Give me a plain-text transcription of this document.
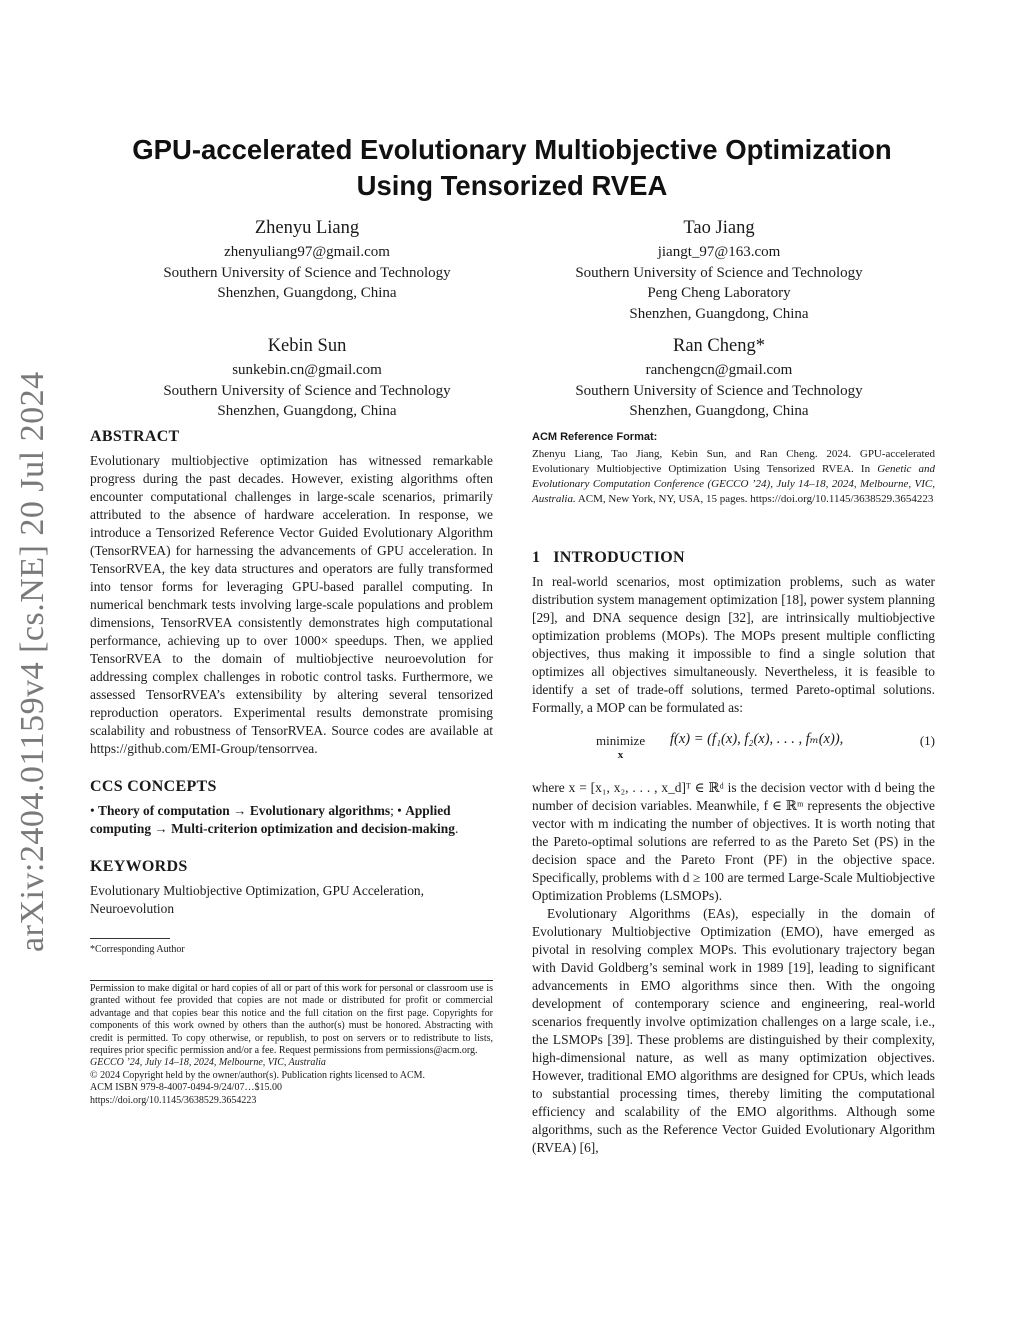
arXiv:2404.01159v4 [cs.NE] 20 Jul 2024
GPU-accelerated Evolutionary Multiobjective Optimization
Using Tensorized RVEA
Zhenyu Liang
zhenyuliang97@gmail.com
Southern University of Science and Technology
Shenzhen, Guangdong, China
Tao Jiang
jiangt_97@163.com
Southern University of Science and Technology
Peng Cheng Laboratory
Shenzhen, Guangdong, China
Kebin Sun
sunkebin.cn@gmail.com
Southern University of Science and Technology
Shenzhen, Guangdong, China
Ran Cheng*
ranchengcn@gmail.com
Southern University of Science and Technology
Shenzhen, Guangdong, China
ABSTRACT

Evolutionary multiobjective optimization has witnessed remarkable progress during the past decades. However, existing algorithms often encounter computational challenges in large-scale scenarios, primarily attributed to the absence of hardware acceleration. In response, we introduce a Tensorized Reference Vector Guided Evolutionary Algorithm (TensorRVEA) for harnessing the advancements of GPU acceleration. In TensorRVEA, the key data structures and operators are fully transformed into tensor forms for leveraging GPU-based parallel computing. In numerical benchmark tests involving large-scale populations and problem dimensions, TensorRVEA consistently demonstrates high computational performance, achieving up to over 1000× speedups. Then, we applied TensorRVEA to the domain of multiobjective neuroevolution for addressing complex challenges in robotic control tasks. Furthermore, we assessed TensorRVEA’s extensibility by altering several tensorized reproduction operators. Experimental results demonstrate promising scalability and robustness of TensorRVEA. Source codes are available at https://github.com/EMI-Group/tensorrvea.

CCS CONCEPTS

• Theory of computation → Evolutionary algorithms; • Applied computing → Multi-criterion optimization and decision-making.

KEYWORDS

Evolutionary Multiobjective Optimization, GPU Acceleration, Neuroevolution

*Corresponding Author

Permission to make digital or hard copies of all or part of this work for personal or classroom use is granted without fee provided that copies are not made or distributed for profit or commercial advantage and that copies bear this notice and the full citation on the first page. Copyrights for components of this work owned by others than the author(s) must be honored. Abstracting with credit is permitted. To copy otherwise, or republish, to post on servers or to redistribute to lists, requires prior specific permission and/or a fee. Request permissions from permissions@acm.org.
GECCO ’24, July 14–18, 2024, Melbourne, VIC, Australia
© 2024 Copyright held by the owner/author(s). Publication rights licensed to ACM.
ACM ISBN 979-8-4007-0494-9/24/07…$15.00
https://doi.org/10.1145/3638529.3654223

ACM Reference Format:

Zhenyu Liang, Tao Jiang, Kebin Sun, and Ran Cheng. 2024. GPU-accelerated Evolutionary Multiobjective Optimization Using Tensorized RVEA. In Genetic and Evolutionary Computation Conference (GECCO ’24), July 14–18, 2024, Melbourne, VIC, Australia. ACM, New York, NY, USA, 15 pages. https://doi.org/10.1145/3638529.3654223

1   INTRODUCTION

In real-world scenarios, most optimization problems, such as water distribution system management optimization [18], power system planning [29], and DNA sequence design [32], are intrinsically multiobjective optimization problems (MOPs). The MOPs present multiple conflicting objectives, thus making it impossible to find a single solution that optimizes all objectives simultaneously. Nevertheless, it is feasible to identify a set of trade-off solutions, termed Pareto-optimal solutions. Formally, a MOP can be formulated as:

minimize
x
f(x) = (f₁(x), f₂(x), . . . , fₘ(x)),	(1)

where x = [x₁, x₂, . . . , x_d]ᵀ ∈ ℝᵈ is the decision vector with d being the number of decision variables. Meanwhile, f ∈ ℝᵐ represents the objective vector with m indicating the number of objectives. It is worth noting that the Pareto-optimal solutions are referred to as the Pareto Set (PS) in the decision space and the Pareto Front (PF) in the objective space. Specifically, problems with d ≥ 100 are termed Large-Scale Multiobjective Optimization Problems (LSMOPs).

Evolutionary Algorithms (EAs), especially in the domain of Evolutionary Multiobjective Optimization (EMO), have emerged as pivotal in resolving complex MOPs. This evolutionary trajectory began with David Goldberg’s seminal work in 1989 [19], leading to significant advancements in EMO algorithms since then. With the ongoing development of contemporary science and engineering, real-world scenarios frequently involve optimization challenges on a large scale, i.e., the LSMOPs [39]. These problems are distinguished by their complexity, high-dimensional nature, as well as many optimization objectives. However, traditional EMO algorithms are designed for CPUs, which leads to substantial processing times, thereby limiting the computational efficiency and scalability of the EMO algorithms. Although some algorithms, such as the Reference Vector Guided Evolutionary Algorithm (RVEA) [6],
